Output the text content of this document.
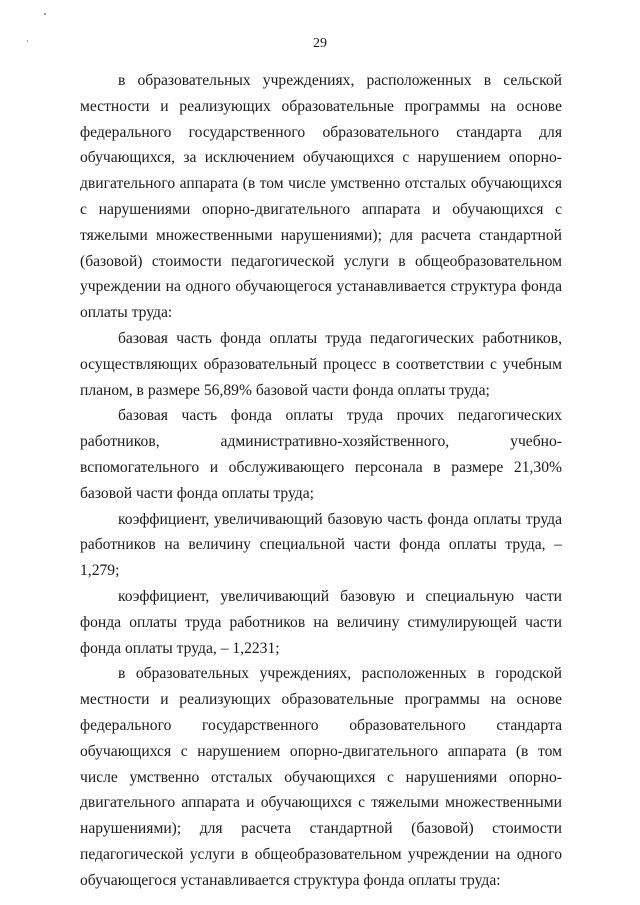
29

в образовательных учреждениях, расположенных в сельской местности и реализующих образовательные программы на основе федерального государственного образовательного стандарта для обучающихся, за исключением обучающихся с нарушением опорно-двигательного аппарата (в том числе умственно отсталых обучающихся с нарушениями опорно-двигательного аппарата и обучающихся с тяжелыми множественными нарушениями); для расчета стандартной (базовой) стоимости педагогической услуги в общеобразовательном учреждении на одного обучающегося устанавливается структура фонда оплаты труда:

базовая часть фонда оплаты труда педагогических работников, осуществляющих образовательный процесс в соответствии с учебным планом, в размере 56,89% базовой части фонда оплаты труда;

базовая часть фонда оплаты труда прочих педагогических работников, административно-хозяйственного, учебно-вспомогательного и обслуживающего персонала в размере 21,30% базовой части фонда оплаты труда;

коэффициент, увеличивающий базовую часть фонда оплаты труда работников на величину специальной части фонда оплаты труда, – 1,279;

коэффициент, увеличивающий базовую и специальную части фонда оплаты труда работников на величину стимулирующей части фонда оплаты труда, – 1,2231;

в образовательных учреждениях, расположенных в городской местности и реализующих образовательные программы на основе федерального государственного образовательного стандарта обучающихся с нарушением опорно-двигательного аппарата (в том числе умственно отсталых обучающихся с нарушениями опорно-двигательного аппарата и обучающихся с тяжелыми множественными нарушениями); для расчета стандартной (базовой) стоимости педагогической услуги в общеобразовательном учреждении на одного обучающегося устанавливается структура фонда оплаты труда:
